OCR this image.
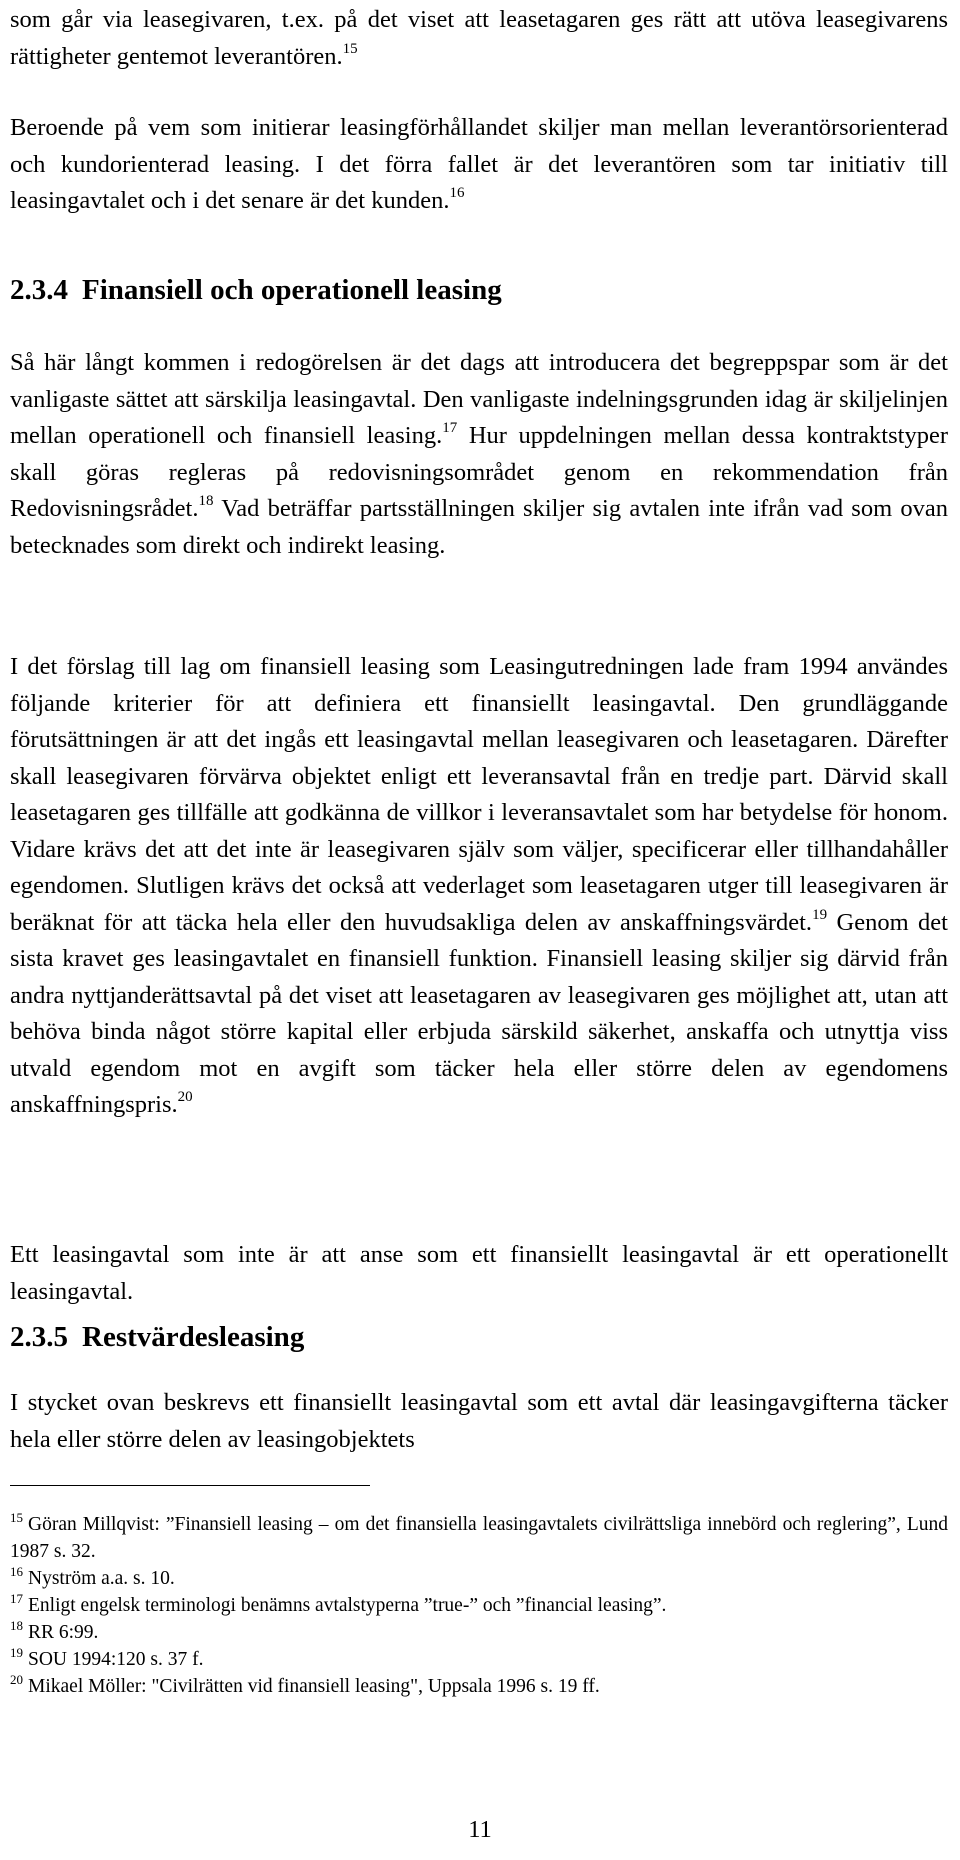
som går via leasegivaren, t.ex. på det viset att leasetagaren ges rätt att utöva leasegivarens rättigheter gentemot leverantören.$^{15}$

Beroende på vem som initierar leasingförhållandet skiljer man mellan leverantörsorienterad och kundorienterad leasing. I det förra fallet är det leverantören som tar initiativ till leasingavtalet och i det senare är det kunden.$^{16}$

2.3.4 Finansiell och operationell leasing

Så här långt kommen i redogörelsen är det dags att introducera det begreppspar som är det vanligaste sättet att särskilja leasingavtal. Den vanligaste indelningsgrunden idag är skiljelinjen mellan operationell och finansiell leasing.$^{17}$ Hur uppdelningen mellan dessa kontraktstyper skall göras regleras på redovisningsområdet genom en rekommendation från Redovisningsrådet.$^{18}$ Vad beträffar partsställningen skiljer sig avtalen inte ifrån vad som ovan betecknades som direkt och indirekt leasing.

I det förslag till lag om finansiell leasing som Leasingutredningen lade fram 1994 användes följande kriterier för att definiera ett finansiellt leasingavtal. Den grundläggande förutsättningen är att det ingås ett leasingavtal mellan leasegivaren och leasetagaren. Därefter skall leasegivaren förvärva objektet enligt ett leveransavtal från en tredje part. Därvid skall leasetagaren ges tillfälle att godkänna de villkor i leveransavtalet som har betydelse för honom. Vidare krävs det att det inte är leasegivaren själv som väljer, specificerar eller tillhandahåller egendomen. Slutligen krävs det också att vederlaget som leasetagaren utger till leasegivaren är beräknat för att täcka hela eller den huvudsakliga delen av anskaffningsvärdet.$^{19}$ Genom det sista kravet ges leasingavtalet en finansiell funktion. Finansiell leasing skiljer sig därvid från andra nyttjanderättsavtal på det viset att leasetagaren av leasegivaren ges möjlighet att, utan att behöva binda något större kapital eller erbjuda särskild säkerhet, anskaffa och utnyttja viss utvald egendom mot en avgift som täcker hela eller större delen av egendomens anskaffningspris.$^{20}$

Ett leasingavtal som inte är att anse som ett finansiellt leasingavtal är ett operationellt leasingavtal.

2.3.5 Restvärdesleasing

I stycket ovan beskrevs ett finansiellt leasingavtal som ett avtal där leasingavgifterna täcker hela eller större delen av leasingobjektets

$^{15}$ Göran Millqvist: ”Finansiell leasing – om det finansiella leasingavtalets civilrättsliga innebörd och reglering”, Lund 1987 s. 32.

$^{16}$ Nyström a.a. s. 10.

$^{17}$ Enligt engelsk terminologi benämns avtalstyperna ”true-” och ”financial leasing”.

$^{18}$ RR 6:99.

$^{19}$ SOU 1994:120 s. 37 f.

$^{20}$ Mikael Möller: "Civilrätten vid finansiell leasing", Uppsala 1996 s. 19 ff.

11
